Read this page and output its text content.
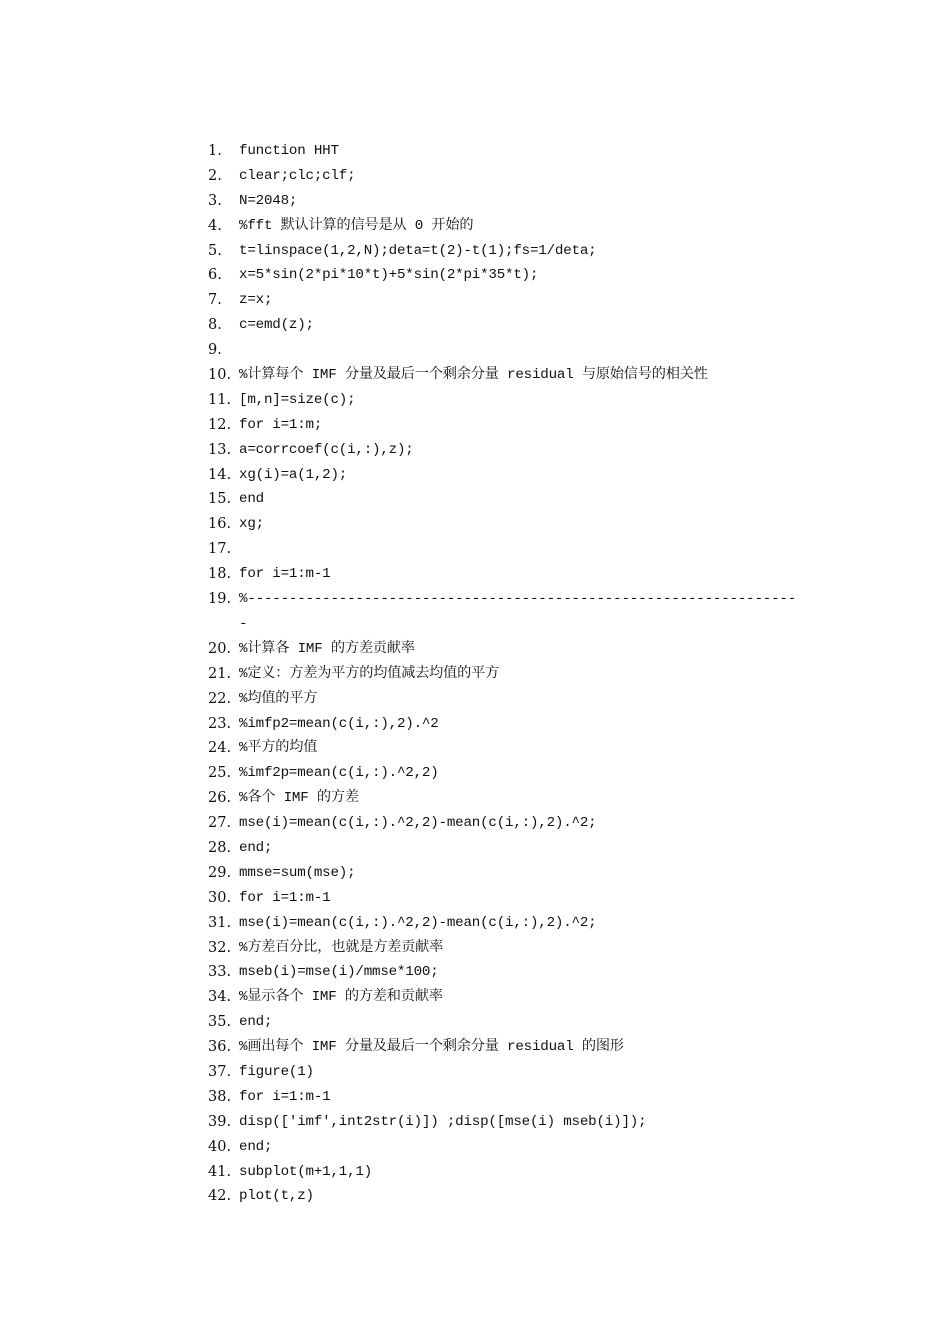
1.	function HHT
2.	clear;clc;clf;
3.	N=2048;
4.	%fft 默认计算的信号是从 0 开始的
5.	t=linspace(1,2,N);deta=t(2)-t(1);fs=1/deta;
6.	x=5*sin(2*pi*10*t)+5*sin(2*pi*35*t);
7.	z=x;
8.	c=emd(z);
9.
10. %计算每个 IMF 分量及最后一个剩余分量 residual 与原始信号的相关性
11. [m,n]=size(c);
12. for i=1:m;
13. a=corrcoef(c(i,:),z);
14. xg(i)=a(1,2);
15. end
16. xg;
17.
18. for i=1:m-1
19. %-------------------------------------------------------------------
20. %计算各 IMF 的方差贡献率
21. %定义：方差为平方的均值减去均值的平方
22. %均值的平方
23. %imfp2=mean(c(i,:),2).^2
24. %平方的均值
25. %imf2p=mean(c(i,:).^2,2)
26. %各个 IMF 的方差
27. mse(i)=mean(c(i,:).^2,2)-mean(c(i,:),2).^2;
28. end;
29. mmse=sum(mse);
30. for i=1:m-1
31. mse(i)=mean(c(i,:).^2,2)-mean(c(i,:),2).^2;
32. %方差百分比，也就是方差贡献率
33. mseb(i)=mse(i)/mmse*100;
34. %显示各个 IMF 的方差和贡献率
35. end;
36. %画出每个 IMF 分量及最后一个剩余分量 residual 的图形
37. figure(1)
38. for i=1:m-1
39. disp(['imf',int2str(i)]) ;disp([mse(i) mseb(i)]);
40. end;
41. subplot(m+1,1,1)
42. plot(t,z)
